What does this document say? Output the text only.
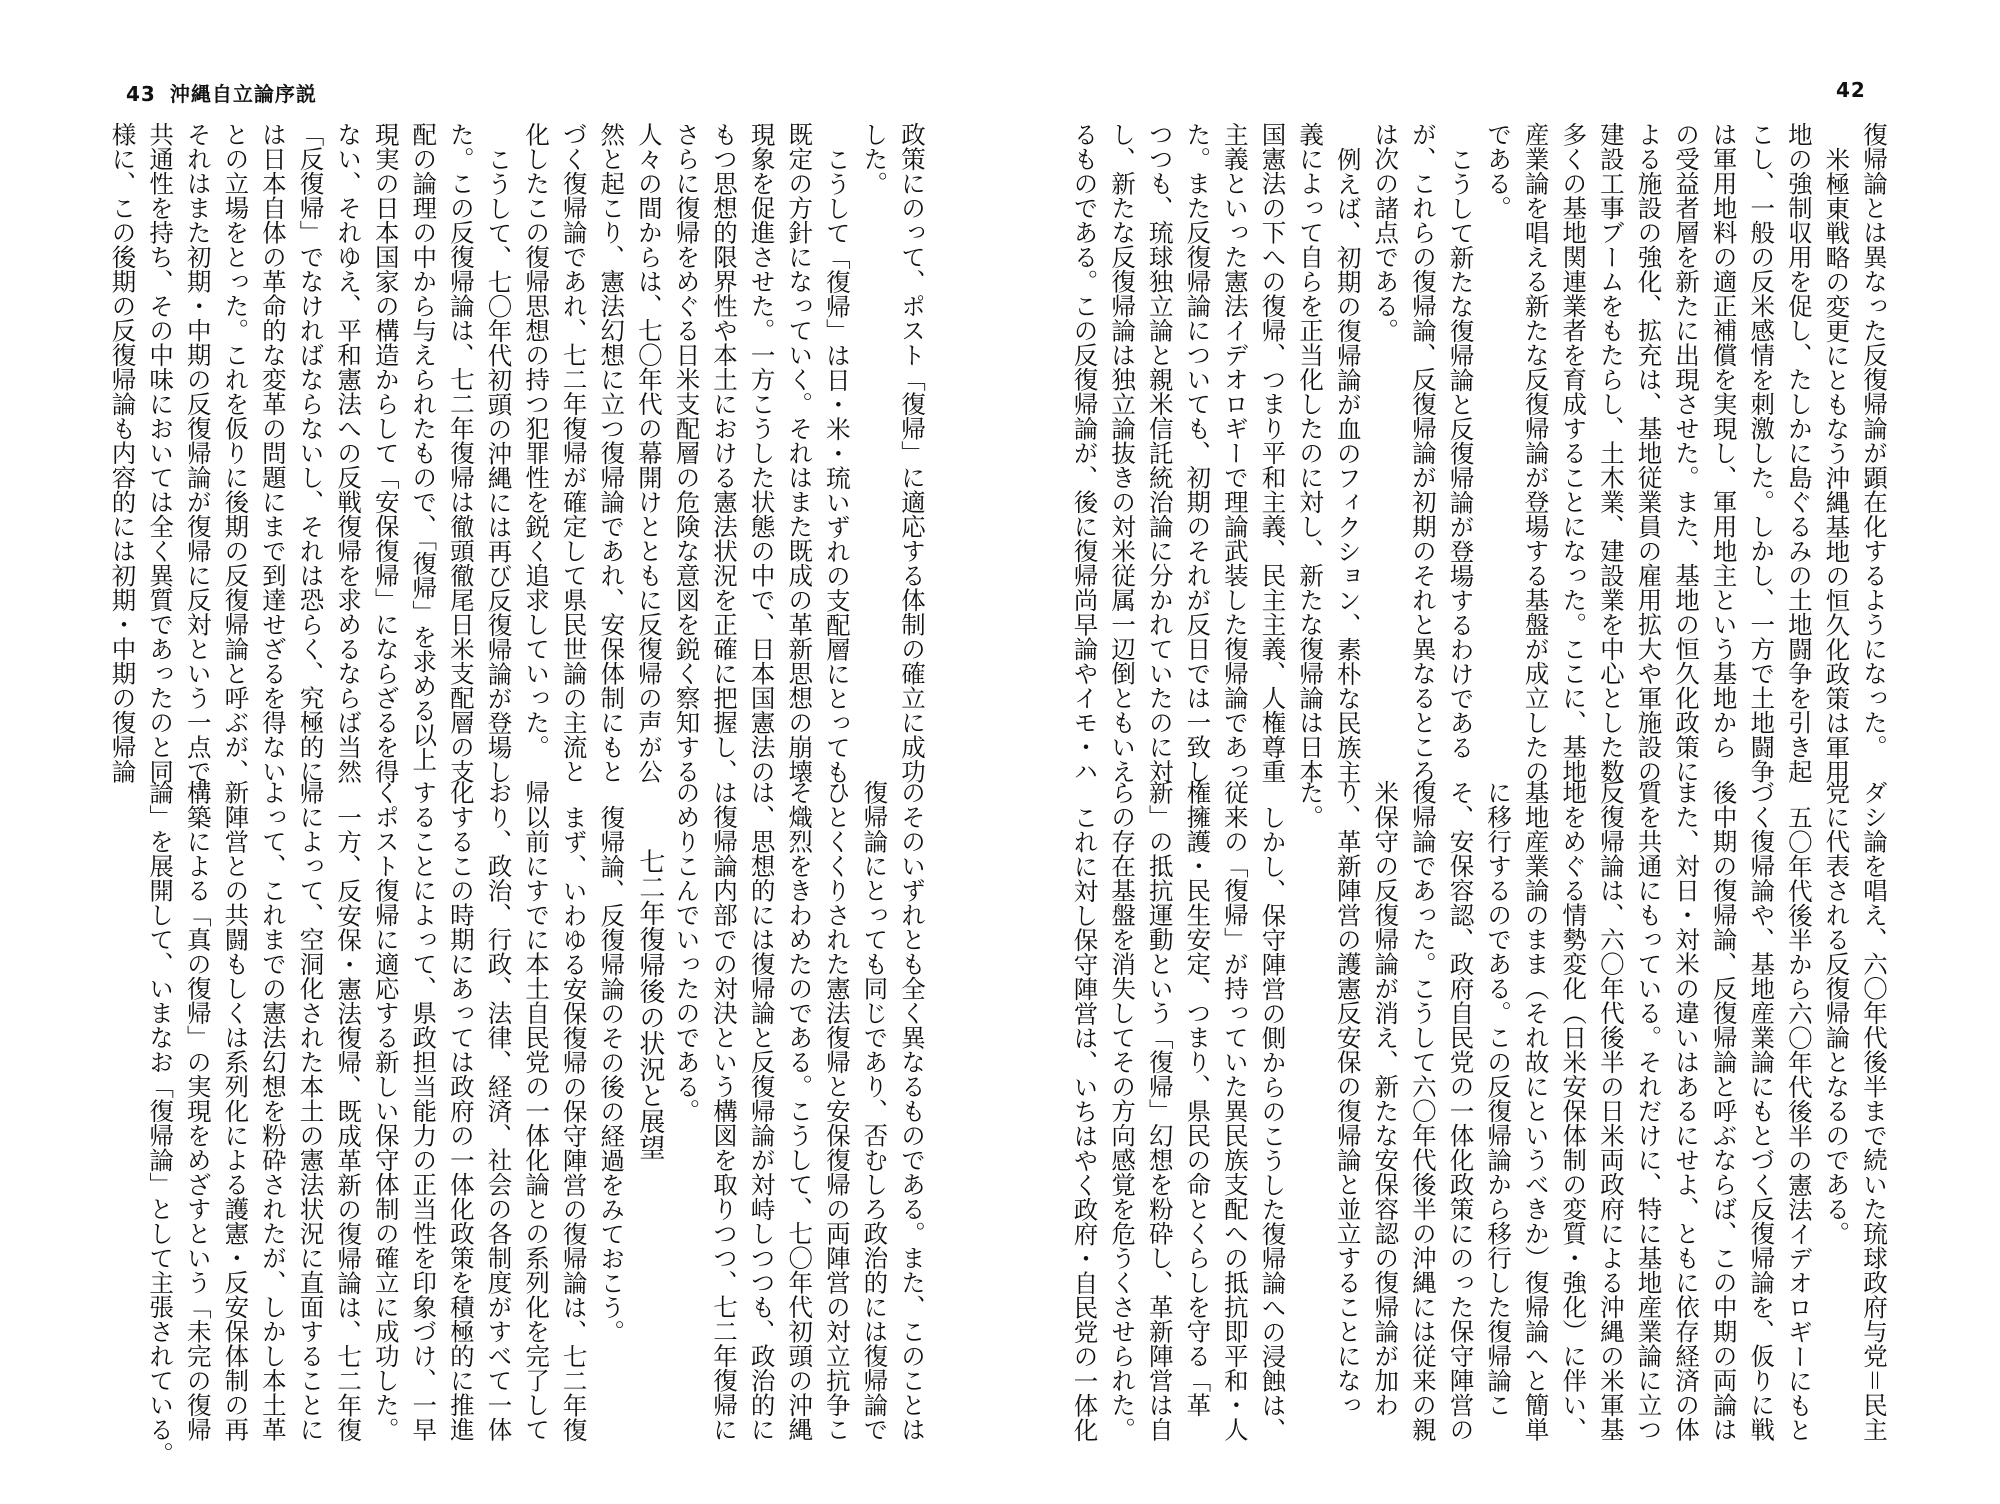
43 沖縄自立論序説	42

復帰論とは異なった反復帰論が顕在化するようになった。

米極東戦略の変更にともなう沖縄基地の恒久化政策は軍用

地の強制収用を促し、たしかに島ぐるみの土地闘争を引き起

こし、一般の反米感情を刺激した。しかし、一方で土地闘争

は軍用地料の適正補償を実現し、軍用地主という基地から

の受益者層を新たに出現させた。また、基地の恒久化政策に

よる施設の強化、拡充は、基地従業員の雇用拡大や軍施設の

建設工事ブームをもたらし、土木業、建設業を中心とした数

多くの基地関連業者を育成することになった。ここに、基地

産業論を唱える新たな反復帰論が登場する基盤が成立したの

である。

こうして新たな復帰論と反復帰論が登場するわけである

が、これらの復帰論、反復帰論が初期のそれと異なるところ

は次の諸点である。

例えば、初期の復帰論が血のフィクション、素朴な民族主

義によって自らを正当化したのに対し、新たな復帰論は日本

国憲法の下への復帰、つまり平和主義、民主主義、人権尊重

主義といった憲法イデオロギーで理論武装した復帰論であっ

た。また反復帰論についても、初期のそれが反日では一致し

つつも、琉球独立論と親米信託統治論に分かれていたのに対

し、新たな反復帰論は独立論抜きの対米従属一辺倒ともいえ

るものである。この反復帰論が、後に復帰尚早論やイモ・ハ

ダシ論を唱え、六〇年代後半まで続いた琉球政府与党＝民主

党に代表される反復帰論となるのである。

五〇年代後半から六〇年代後半の憲法イデオロギーにもと

づく復帰論や、基地産業論にもとづく反復帰論を、仮りに戦

後中期の復帰論、反復帰論と呼ぶならば、この中期の両論は

また、対日・対米の違いはあるにせよ、ともに依存経済の体

質を共通にもっている。それだけに、特に基地産業論に立つ

反復帰論は、六〇年代後半の日米両政府による沖縄の米軍基

地をめぐる情勢変化（日米安保体制の変質・強化）に伴い、

基地産業論のまま（それ故にというべきか）復帰論へと簡単

に移行するのである。この反復帰論から移行した復帰論こ

そ、安保容認、政府自民党の一体化政策にのった保守陣営の

復帰論であった。こうして六〇年代後半の沖縄には従来の親

米保守の反復帰論が消え、新たな安保容認の復帰論が加わ

り、革新陣営の護憲反安保の復帰論と並立することになっ

た。

しかし、保守陣営の側からのこうした復帰論への浸蝕は、

従来の「復帰」が持っていた異民族支配への抵抗即平和・人

権擁護・民生安定、つまり、県民の命とくらしを守る「革

新」の抵抗運動という「復帰」幻想を粉砕し、革新陣営は自

らの存在基盤を消失してその方向感覚を危うくさせられた。

これに対し保守陣営は、いちはやく政府・自民党の一体化

政策にのって、ポスト「復帰」に適応する体制の確立に成功

した。

こうして「復帰」は日・米・琉いずれの支配層にとっても

既定の方針になっていく。それはまた既成の革新思想の崩壊

現象を促進させた。一方こうした状態の中で、日本国憲法の

もつ思想的限界性や本土における憲法状況を正確に把握し、

さらに復帰をめぐる日米支配層の危険な意図を鋭く察知する

人々の間からは、七〇年代の幕開けとともに反復帰の声が公

然と起こり、憲法幻想に立つ復帰論であれ、安保体制にもと

づく復帰論であれ、七二年復帰が確定して県民世論の主流と

化したこの復帰思想の持つ犯罪性を鋭く追求していった。

こうして、七〇年代初頭の沖縄には再び反復帰論が登場し

た。この反復帰論は、七二年復帰は徹頭徹尾日米支配層の支

配の論理の中から与えられたもので、「復帰」を求める以上

現実の日本国家の構造からして「安保復帰」にならざるを得

ない、それゆえ、平和憲法への反戦復帰を求めるならば当然

「反復帰」でなければならないし、それは恐らく、究極的に

は日本自体の革命的な変革の問題にまで到達せざるを得ない

との立場をとった。これを仮りに後期の反復帰論と呼ぶが、

それはまた初期・中期の反復帰論が復帰に反対という一点で

共通性を持ち、その中味においては全く異質であったのと同

様に、この後期の反復帰論も内容的には初期・中期の復帰論

のそのいずれとも全く異なるものである。また、このことは

復帰論にとっても同じであり、否むしろ政治的には復帰論で

ひとくくりされた憲法復帰と安保復帰の両陣営の対立抗争こ

そ熾烈をきわめたのである。こうして、七〇年代初頭の沖縄

は、思想的には復帰論と反復帰論が対峙しつつも、政治的に

は復帰論内部での対決という構図を取りつつ、七二年復帰に

のめりこんでいったのである。

七二年復帰後の状況と展望

復帰論、反復帰論のその後の経過をみておこう。

まず、いわゆる安保復帰の保守陣営の復帰論は、七二年復

帰以前にすでに本土自民党の一体化論との系列化を完了して

おり、政治、行政、法律、経済、社会の各制度がすべて一体

化するこの時期にあっては政府の一体化政策を積極的に推進

することによって、県政担当能力の正当性を印象づけ、一早

くポスト復帰に適応する新しい保守体制の確立に成功した。

一方、反安保・憲法復帰、既成革新の復帰論は、七二年復

帰によって、空洞化された本土の憲法状況に直面することに

よって、これまでの憲法幻想を粉砕されたが、しかし本土革

新陣営との共闘もしくは系列化による護憲・反安保体制の再

構築による「真の復帰」の実現をめざすという「未完の復帰

論」を展開して、いまなお「復帰論」として主張されている。
